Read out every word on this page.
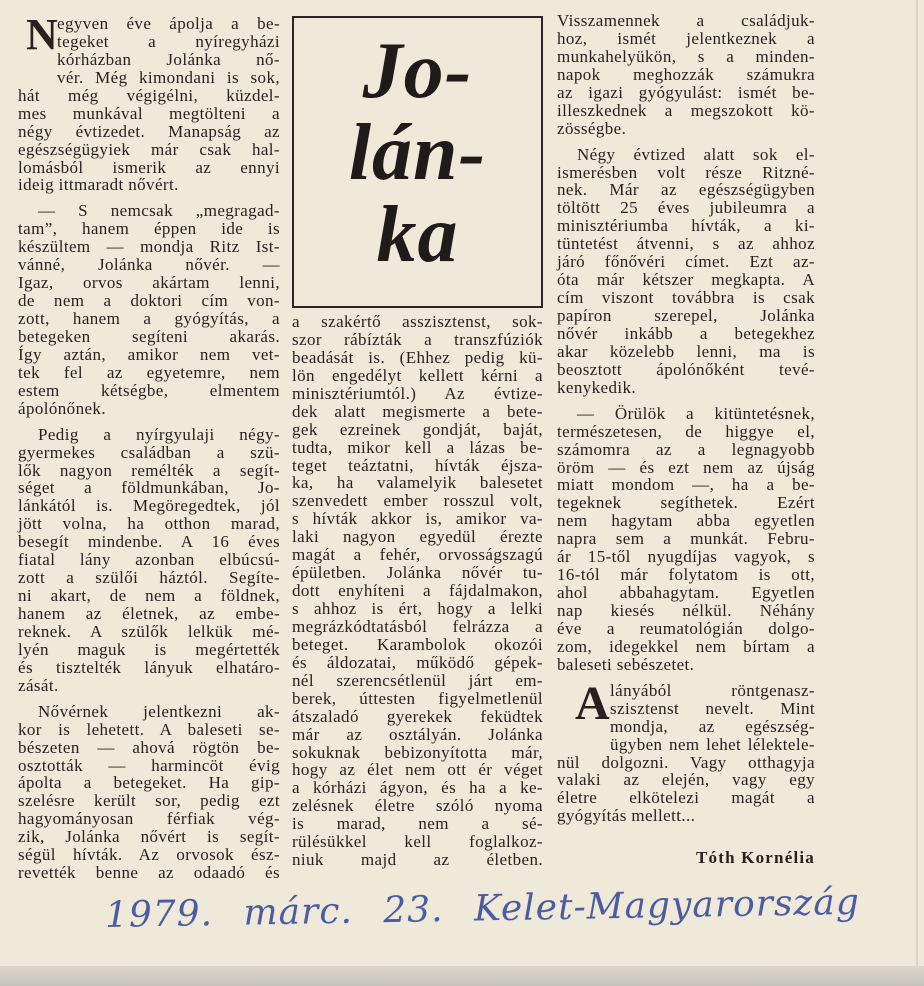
N egyven éve ápolja a be-
tegeket a nyíregyházi
kórházban Jolánka nő-
vér. Még kimondani is sok,
hát még végigélni, küzdel-
mes munkával megtölteni a
négy évtizedet. Manapság az
egészségügyiek már csak hal-
lomásból ismerik az ennyi
ideig ittmaradt nővért.
— S nemcsak „megragad-
tam”, hanem éppen ide is
készültem — mondja Ritz Ist-
vánné, Jolánka nővér. —
Igaz, orvos akártam lenni,
de nem a doktori cím von-
zott, hanem a gyógyítás, a
betegeken segíteni akarás.
Így aztán, amikor nem vet-
tek fel az egyetemre, nem
estem kétségbe, elmentem
ápolónőnek.
Pedig a nyírgyulaji négy-
gyermekes családban a szü-
lők nagyon remélték a segít-
séget a földmunkában, Jo-
lánkától is. Megöregedtek, jól
jött volna, ha otthon marad,
besegít mindenbe. A 16 éves
fiatal lány azonban elbúcsú-
zott a szülői háztól. Segíte-
ni akart, de nem a földnek,
hanem az életnek, az embe-
reknek. A szülők lelkük mé-
lyén maguk is megértették
és tisztelték lányuk elhatáro-
zását.
Nővérnek jelentkezni ak-
kor is lehetett. A baleseti se-
bészeten — ahová rögtön be-
osztották — harmincöt évig
ápolta a betegeket. Ha gip-
szelésre került sor, pedig ezt
hagyományosan férfiak vég-
zik, Jolánka nővért is segít-
ségül hívták. Az orvosok ész-
revették benne az odaadó és
Jo-
lán-
ka
a szakértő asszisztenst, sok-
szor rábízták a transzfúziók
beadását is. (Ehhez pedig kü-
lön engedélyt kellett kérni a
minisztériumtól.) Az évtize-
dek alatt megismerte a bete-
gek ezreinek gondját, baját,
tudta, mikor kell a lázas be-
teget teáztatni, hívták éjsza-
ka, ha valamelyik balesetet
szenvedett ember rosszul volt,
s hívták akkor is, amikor va-
laki nagyon egyedül érezte
magát a fehér, orvosságszagú
épületben. Jolánka nővér tu-
dott enyhíteni a fájdalmakon,
s ahhoz is ért, hogy a lelki
megrázkódtatásból felrázza a
beteget. Karambolok okozói
és áldozatai, működő gépek-
nél szerencsétlenül járt em-
berek, úttesten figyelmetlenül
átszaladó gyerekek feküdtek
már az osztályán. Jolánka
sokuknak bebizonyította már,
hogy az élet nem ott ér véget
a kórházi ágyon, és ha a ke-
zelésnek életre szóló nyoma
is marad, nem a sé-
rülésükkel kell foglalkoz-
niuk majd az életben.
Visszamennek a családjuk-
hoz, ismét jelentkeznek a
munkahelyükön, s a minden-
napok meghozzák számukra
az igazi gyógyulást: ismét be-
illeszkednek a megszokott kö-
zösségbe.
Négy évtized alatt sok el-
ismerésben volt része Ritzné-
nek. Már az egészségügyben
töltött 25 éves jubileumra a
minisztériumba hívták, a ki-
tüntetést átvenni, s az ahhoz
járó főnővéri címet. Ezt az-
óta már kétszer megkapta. A
cím viszont továbbra is csak
papíron szerepel, Jolánka
nővér inkább a betegekhez
akar közelebb lenni, ma is
beosztott ápolónőként tevé-
kenykedik.
— Örülök a kitüntetésnek,
természetesen, de higgye el,
számomra az a legnagyobb
öröm — és ezt nem az újság
miatt mondom —, ha a be-
tegeknek segíthetek. Ezért
nem hagytam abba egyetlen
napra sem a munkát. Febru-
ár 15-től nyugdíjas vagyok, s
16-tól már folytatom is ott,
ahol abbahagytam. Egyetlen
nap kiesés nélkül. Néhány
éve a reumatológián dolgo-
zom, idegekkel nem bírtam a
baleseti sebészetet.
A lányából röntgenasz-
szisztenst nevelt. Mint
mondja, az egészség-
ügyben nem lehet lélektele-
nül dolgozni. Vagy otthagyja
valaki az elején, vagy egy
életre elkötelezi magát a
gyógyítás mellett...
Tóth Kornélia
1979. márc. 23. Kelet-Magyarország
